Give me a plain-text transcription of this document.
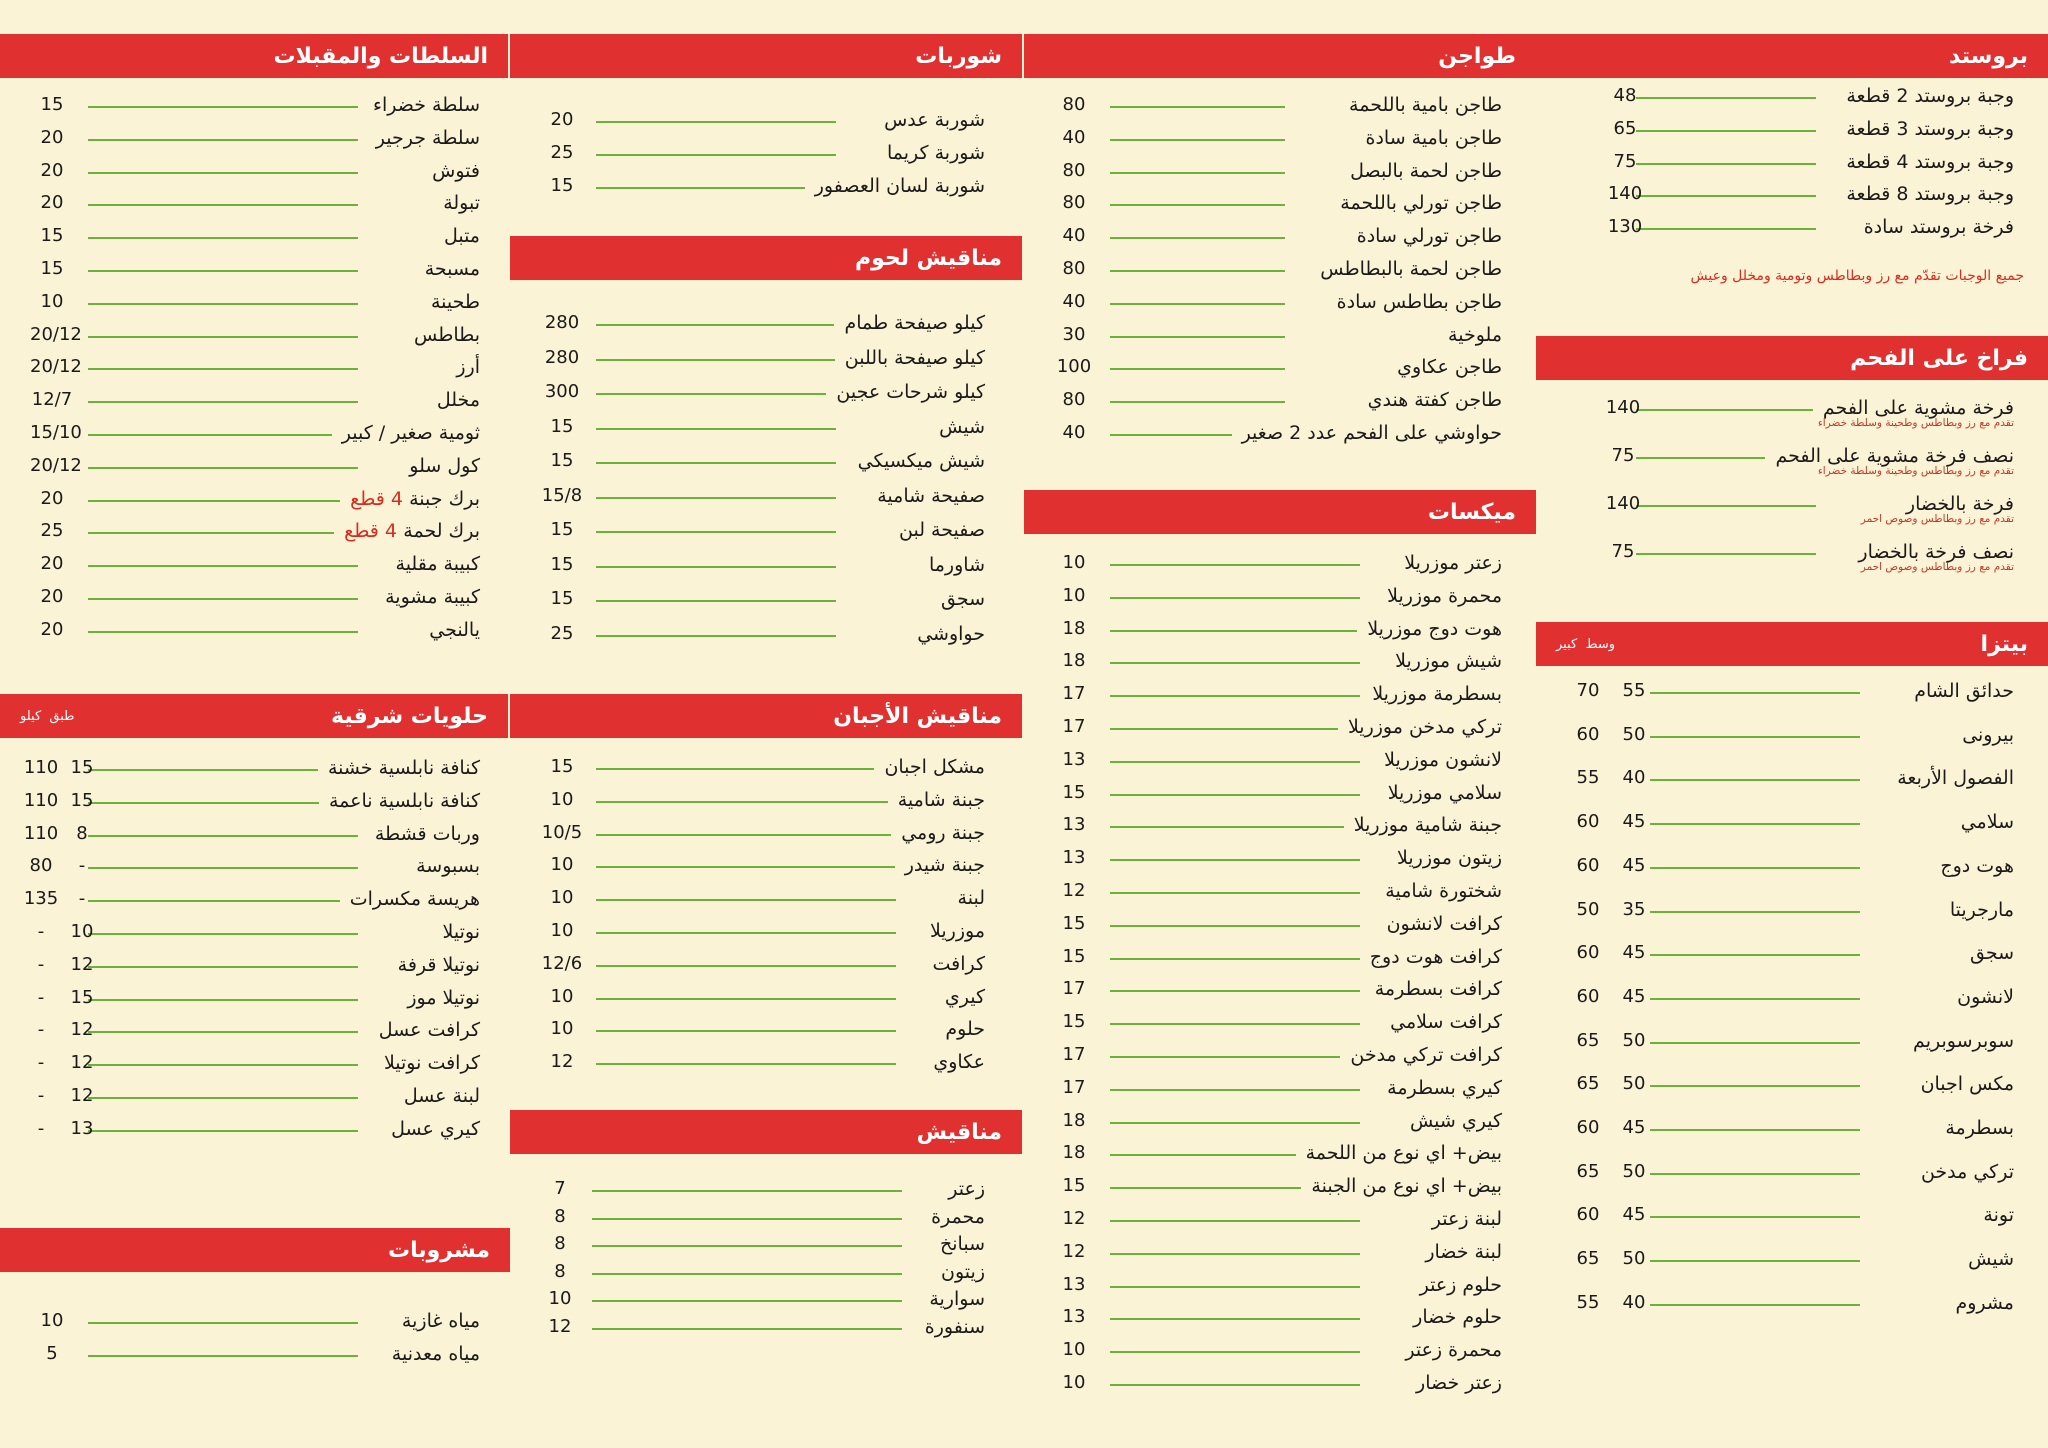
السلطات والمقبلات
سلطة خضراء
15
سلطة جرجير
20
فتوش
20
تبولة
20
متبل
15
مسبحة
15
طحينة
10
بطاطس
20/12
أرز
20/12
مخلل
12/7
ثومية صغير / كبير
15/10
كول سلو
20/12
برك جبنة
4 قطع
20
برك لحمة
4 قطع
25
كبيبة مقلية
20
كبيبة مشوية
20
يالنجي
20
حلويات شرقية
طبق  كيلو
كنافة نابلسية خشنة
110 15
كنافة نابلسية ناعمة
110 15
وربات قشطة
110	8
بسبوسة
80	-
هريسة مكسرات
135	-
نوتيلا
-	10
نوتيلا قرفة
-	12
نوتيلا موز
-	15
كرافت عسل
-	12
كرافت نوتيلا
-	12
لبنة عسل
-	12
كيري عسل
-	13
مشروبات
مياه غازية
10
مياه معدنية
5
شوربات
شوربة عدس
20
شوربة كريما
25
شوربة لسان العصفور
15
مناقيش لحوم
كيلو صيفحة طمام
280
كيلو صيفحة باللبن
280
كيلو شرحات عجين
300
شيش
15
شيش ميكسيكي
15
صفيحة شامية
15/8
صفيحة لبن
15
شاورما
15
سجق
15
حواوشي
25
مناقيش الأجبان
مشكل اجبان
15
جبنة شامية
10
جبنة رومي
10/5
جبنة شيدر
10
لبنة
10
موزريلا
10
كرافت
12/6
كيري
10
حلوم
10
عكاوي
12
مناقيش
زعتر
7
محمرة
8
سبانخ
8
زيتون
8
سوارية
10
سنفورة
12
طواجن
طاجن بامية باللحمة
80
طاجن بامية سادة
40
طاجن لحمة بالبصل
80
طاجن تورلي باللحمة
80
طاجن تورلي سادة
40
طاجن لحمة بالبطاطس
80
طاجن بطاطس سادة
40
ملوخية
30
طاجن عكاوي
100
طاجن كفتة هندي
80
حواوشي على الفحم عدد 2 صغير
40
ميكسات
زعتر موزريلا
10
محمرة موزريلا
10
هوت دوج موزريلا
18
شيش موزريلا
18
بسطرمة موزريلا
17
تركي مدخن موزريلا
17
لانشون موزريلا
13
سلامي موزريلا
15
جبنة شامية موزريلا
13
زيتون موزريلا
13
شختورة شامية
12
كرافت لانشون
15
كرافت هوت دوج
15
كرافت بسطرمة
17
كرافت سلامي
15
كرافت تركي مدخن
17
كيري بسطرمة
17
كيري شيش
18
بيض+ اي نوع من اللحمة
18
بيض+ اي نوع من الجبنة
15
لبنة زعتر
12
لبنة خضار
12
حلوم زعتر
13
حلوم خضار
13
محمرة زعتر
10
زعتر خضار
10
بروستد
وجبة بروستد 2 قطعة
48
وجبة بروستد 3 قطعة
65
وجبة بروستد 4 قطعة
75
وجبة بروستد 8 قطعة
140
فرخة بروستد سادة
130
جميع الوجبات تقدّم مع رز وبطاطس وتومية ومخلل وعيش
فراخ على الفحم
فرخة مشوية على الفحم
تقدم مع رز وبطاطس وطحينة وسلطة خضراء
140
نصف فرخة مشوية على الفحم
تقدم مع رز وبطاطس وطحينة وسلطة خضراء
75
فرخة بالخضار
تقدم مع رز وبطاطس وصوص احمر
140
نصف فرخة بالخضار
تقدم مع رز وبطاطس وصوص احمر
75
بيتزا
وسط  كبير
حدائق الشام
70	55
بيرونى
60	50
الفصول الأربعة
55	40
سلامي
60	45
هوت دوج
60	45
مارجريتا
50	35
سجق
60	45
لانشون
60	45
سوبرسوبريم
65	50
مكس اجبان
65	50
بسطرمة
60	45
تركي مدخن
65	50
تونة
60	45
شيش
65	50
مشروم
55	40
